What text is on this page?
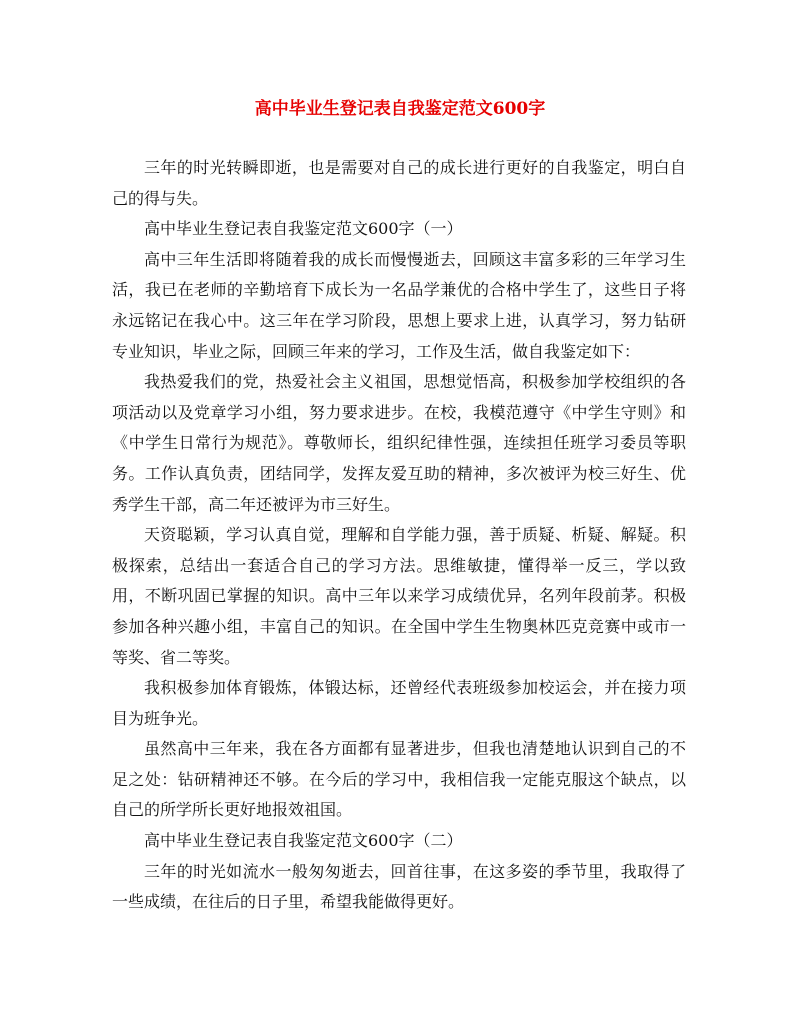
高中毕业生登记表自我鉴定范文600字

三年的时光转瞬即逝，也是需要对自己的成长进行更好的自我鉴定，明白自己的得与失。

高中毕业生登记表自我鉴定范文600字（一）

高中三年生活即将随着我的成长而慢慢逝去，回顾这丰富多彩的三年学习生活，我已在老师的辛勤培育下成长为一名品学兼优的合格中学生了，这些日子将永远铭记在我心中。这三年在学习阶段，思想上要求上进，认真学习，努力钻研专业知识，毕业之际，回顾三年来的学习，工作及生活，做自我鉴定如下：

我热爱我们的党，热爱社会主义祖国，思想觉悟高，积极参加学校组织的各项活动以及党章学习小组，努力要求进步。在校，我模范遵守《中学生守则》和《中学生日常行为规范》。尊敬师长，组织纪律性强，连续担任班学习委员等职务。工作认真负责，团结同学，发挥友爱互助的精神，多次被评为校三好生、优秀学生干部，高二年还被评为市三好生。

天资聪颖，学习认真自觉，理解和自学能力强，善于质疑、析疑、解疑。积极探索，总结出一套适合自己的学习方法。思维敏捷，懂得举一反三，学以致用，不断巩固已掌握的知识。高中三年以来学习成绩优异，名列年段前茅。积极参加各种兴趣小组，丰富自己的知识。在全国中学生生物奥林匹克竞赛中或市一等奖、省二等奖。

我积极参加体育锻炼，体锻达标，还曾经代表班级参加校运会，并在接力项目为班争光。

虽然高中三年来，我在各方面都有显著进步，但我也清楚地认识到自己的不足之处：钻研精神还不够。在今后的学习中，我相信我一定能克服这个缺点，以自己的所学所长更好地报效祖国。

高中毕业生登记表自我鉴定范文600字（二）

三年的时光如流水一般匆匆逝去，回首往事，在这多姿的季节里，我取得了一些成绩，在往后的日子里，希望我能做得更好。
